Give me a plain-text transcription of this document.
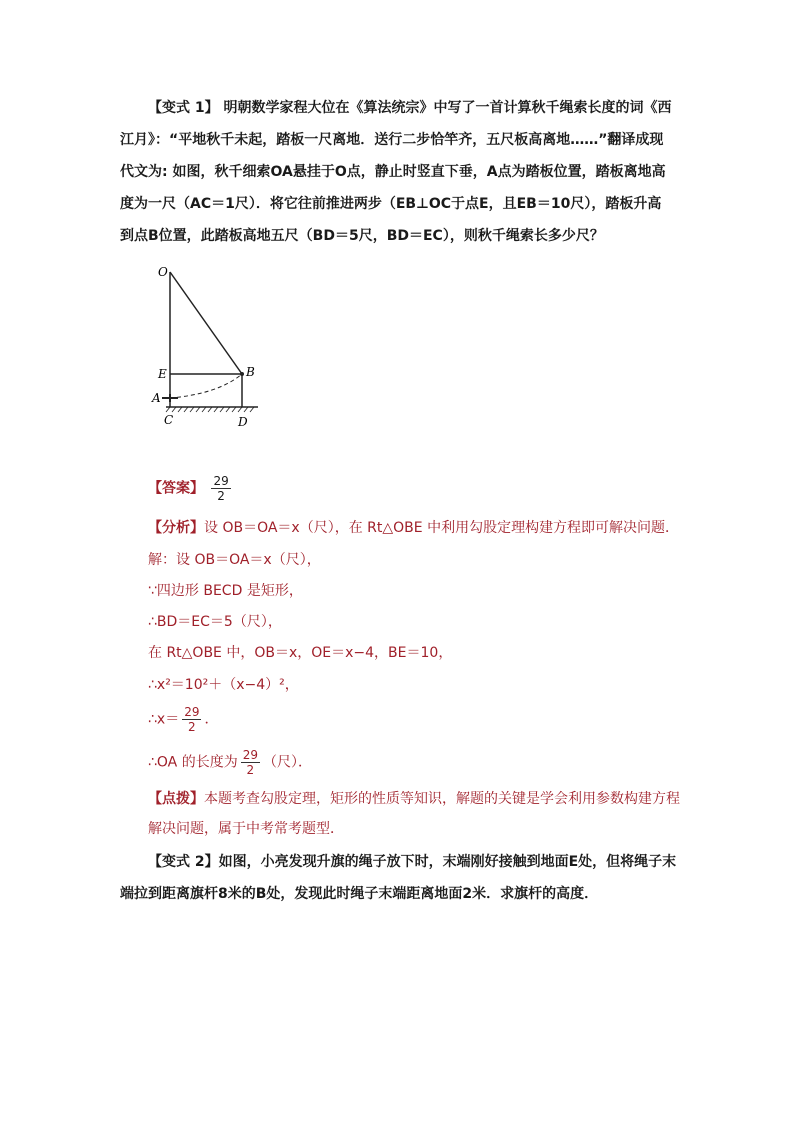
【变式 1】 明朝数学家程大位在《算法统宗》中写了一首计算秋千绳索长度的词《西
江月》：“平地秋千未起，踏板一尺离地．送行二步恰竿齐，五尺板高离地……”翻译成现
代文为: 如图，秋千细索OA悬挂于O点，静止时竖直下垂，A点为踏板位置，踏板离地高
度为一尺（AC＝1尺）．将它往前推进两步（EB⊥OC于点E，且EB＝10尺），踏板升高
到点B位置，此踏板高地五尺（BD＝5尺，BD＝EC），则秋千绳索长多少尺？
O
E	B
A
C	D
【答案】 $\frac{29}{2}$
【分析】设 OB＝OA＝x（尺），在 Rt△OBE 中利用勾股定理构建方程即可解决问题．
解：设 OB＝OA＝x（尺），
∵四边形 BECD 是矩形，
∴BD＝EC＝5（尺），
在 Rt△OBE 中，OB＝x，OE＝x−4，BE＝10，
∴x²＝10²＋（x−4）²，
∴x＝ $\frac{29}{2}$ ．
∴OA 的长度为 $\frac{29}{2}$ （尺）．
【点拨】本题考查勾股定理，矩形的性质等知识，解题的关键是学会利用参数构建方程
解决问题，属于中考常考题型．
【变式 2】如图，小亮发现升旗的绳子放下时，末端刚好接触到地面E处，但将绳子末
端拉到距离旗杆8米的B处，发现此时绳子末端距离地面2米．求旗杆的高度．
